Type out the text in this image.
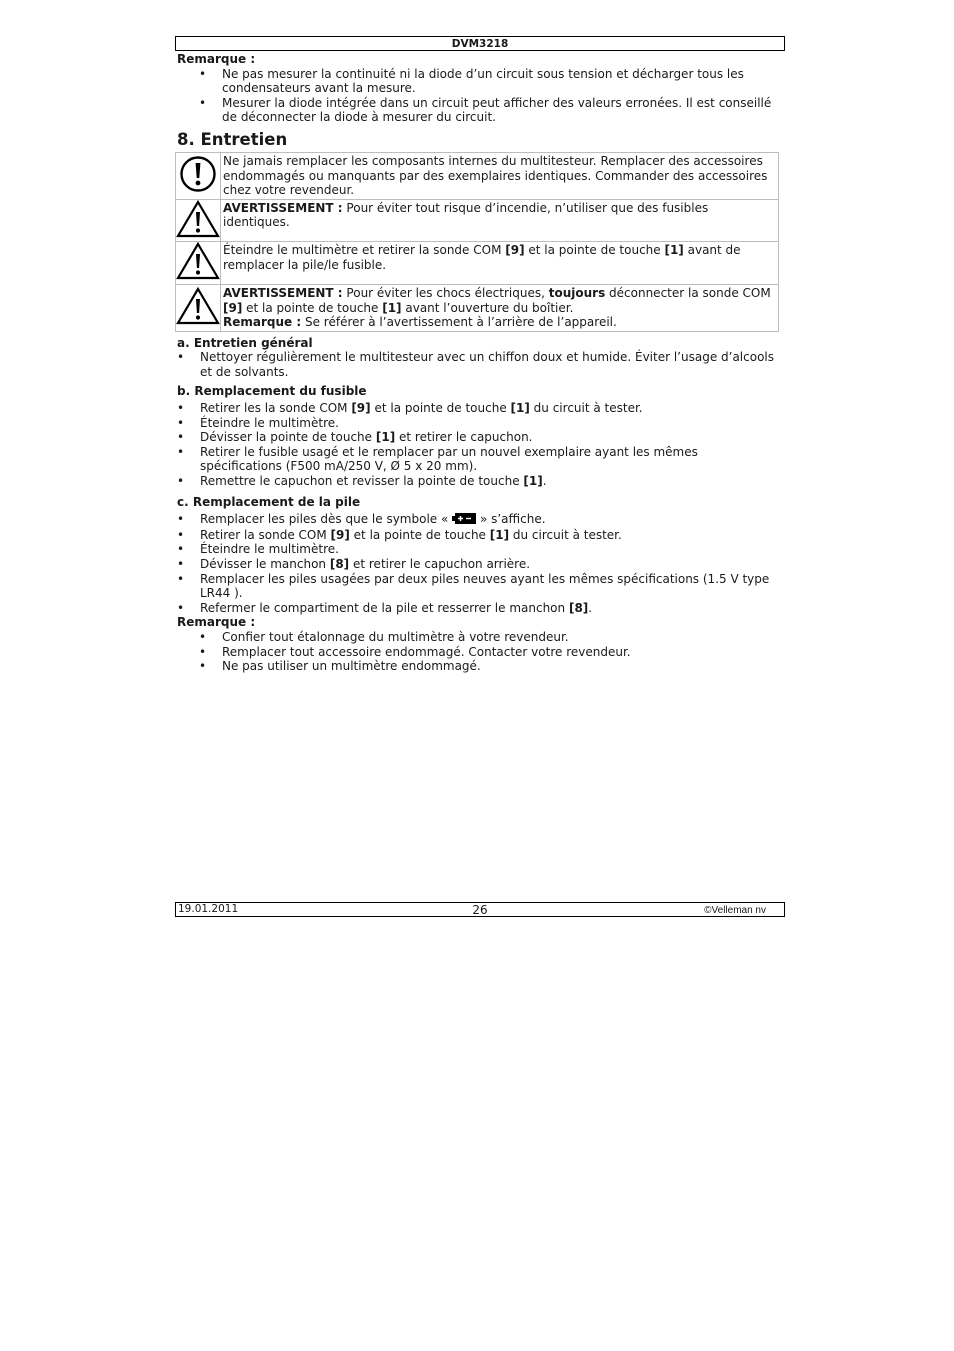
DVM3218
Remarque :
• Ne pas mesurer la continuité ni la diode d’un circuit sous tension et décharger tous les condensateurs avant la mesure.
• Mesurer la diode intégrée dans un circuit peut afficher des valeurs erronées. Il est conseillé de déconnecter la diode à mesurer du circuit.
8. Entretien
	Ne jamais remplacer les composants internes du multitesteur. Remplacer des accessoires endommagés ou manquants par des exemplaires identiques. Commander des accessoires chez votre revendeur.
	AVERTISSEMENT : Pour éviter tout risque d’incendie, n’utiliser que des fusibles identiques.
	Éteindre le multimètre et retirer la sonde COM [9] et la pointe de touche [1] avant de remplacer la pile/le fusible.
	AVERTISSEMENT : Pour éviter les chocs électriques, toujours déconnecter la sonde COM [9] et la pointe de touche [1] avant l’ouverture du boîtier.
Remarque : Se référer à l’avertissement à l’arrière de l’appareil.
a. Entretien général
• Nettoyer régulièrement le multitesteur avec un chiffon doux et humide. Éviter l’usage d’alcools et de solvants.
b. Remplacement du fusible
• Retirer les la sonde COM [9] et la pointe de touche [1] du circuit à tester.
• Éteindre le multimètre.
• Dévisser la pointe de touche [1] et retirer le capuchon.
• Retirer le fusible usagé et le remplacer par un nouvel exemplaire ayant les mêmes spécifications (F500 mA/250 V, Ø 5 x 20 mm).
• Remettre le capuchon et revisser la pointe de touche [1].
c. Remplacement de la pile
• Remplacer les piles dès que le symbole «  » s’affiche.
• Retirer la sonde COM [9] et la pointe de touche [1] du circuit à tester.
• Éteindre le multimètre.
• Dévisser le manchon [8] et retirer le capuchon arrière.
• Remplacer les piles usagées par deux piles neuves ayant les mêmes spécifications (1.5 V type LR44 ).
• Refermer le compartiment de la pile et resserrer le manchon [8].
Remarque :
• Confier tout étalonnage du multimètre à votre revendeur.
• Remplacer tout accessoire endommagé. Contacter votre revendeur.
• Ne pas utiliser un multimètre endommagé.
19.01.2011	26	©Velleman nv
